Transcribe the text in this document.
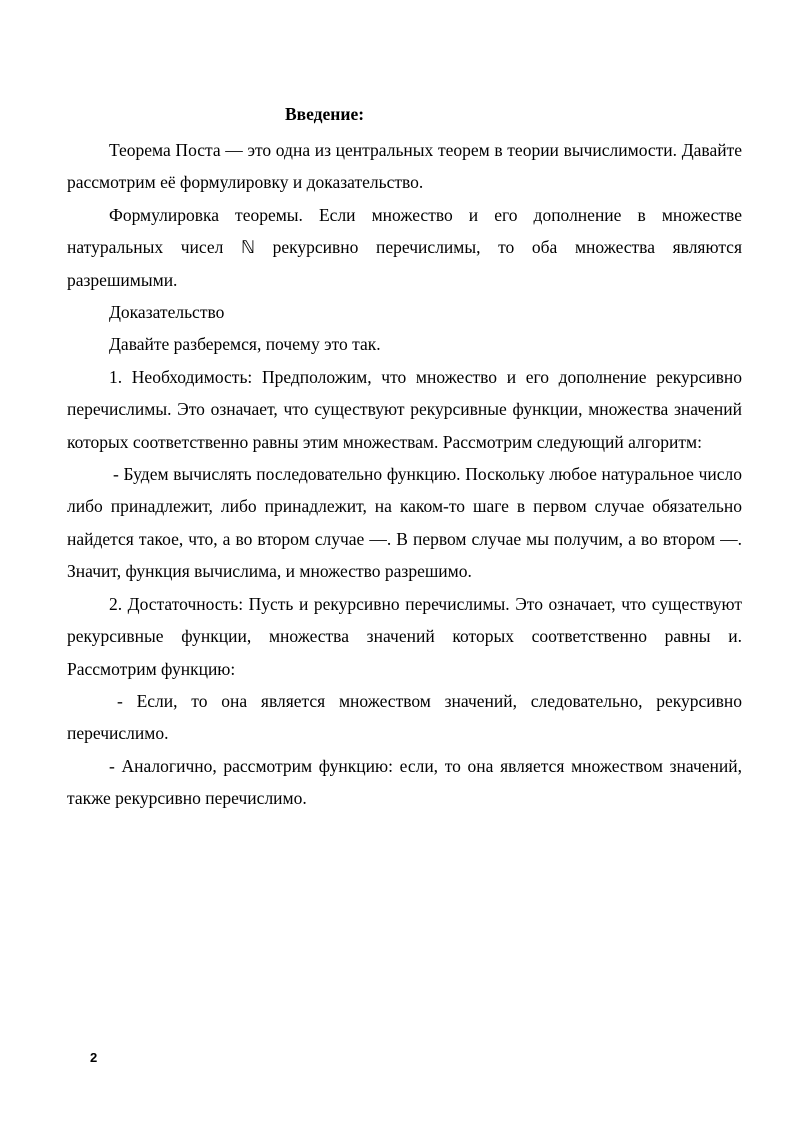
Введение:

Теорема Поста — это одна из центральных теорем в теории вычислимости. Давайте рассмотрим её формулировку и доказательство.

Формулировка теоремы. Если множество и его дополнение в множестве натуральных чисел ℕ рекурсивно перечислимы, то оба множества являются разрешимыми.

Доказательство

Давайте разберемся, почему это так.

1. Необходимость: Предположим, что множество и его дополнение рекурсивно перечислимы. Это означает, что существуют рекурсивные функции, множества значений которых соответственно равны этим множествам. Рассмотрим следующий алгоритм:

- Будем вычислять последовательно функцию. Поскольку любое натуральное число либо принадлежит, либо принадлежит, на каком-то шаге в первом случае обязательно найдется такое, что, а во втором случае —. В первом случае мы получим, а во втором —. Значит, функция вычислима, и множество разрешимо.

2. Достаточность: Пусть и рекурсивно перечислимы. Это означает, что существуют рекурсивные функции, множества значений которых соответственно равны и. Рассмотрим функцию:

- Если, то она является множеством значений, следовательно, рекурсивно перечислимо.

- Аналогично, рассмотрим функцию: если, то она является множеством значений, также рекурсивно перечислимо.

2
